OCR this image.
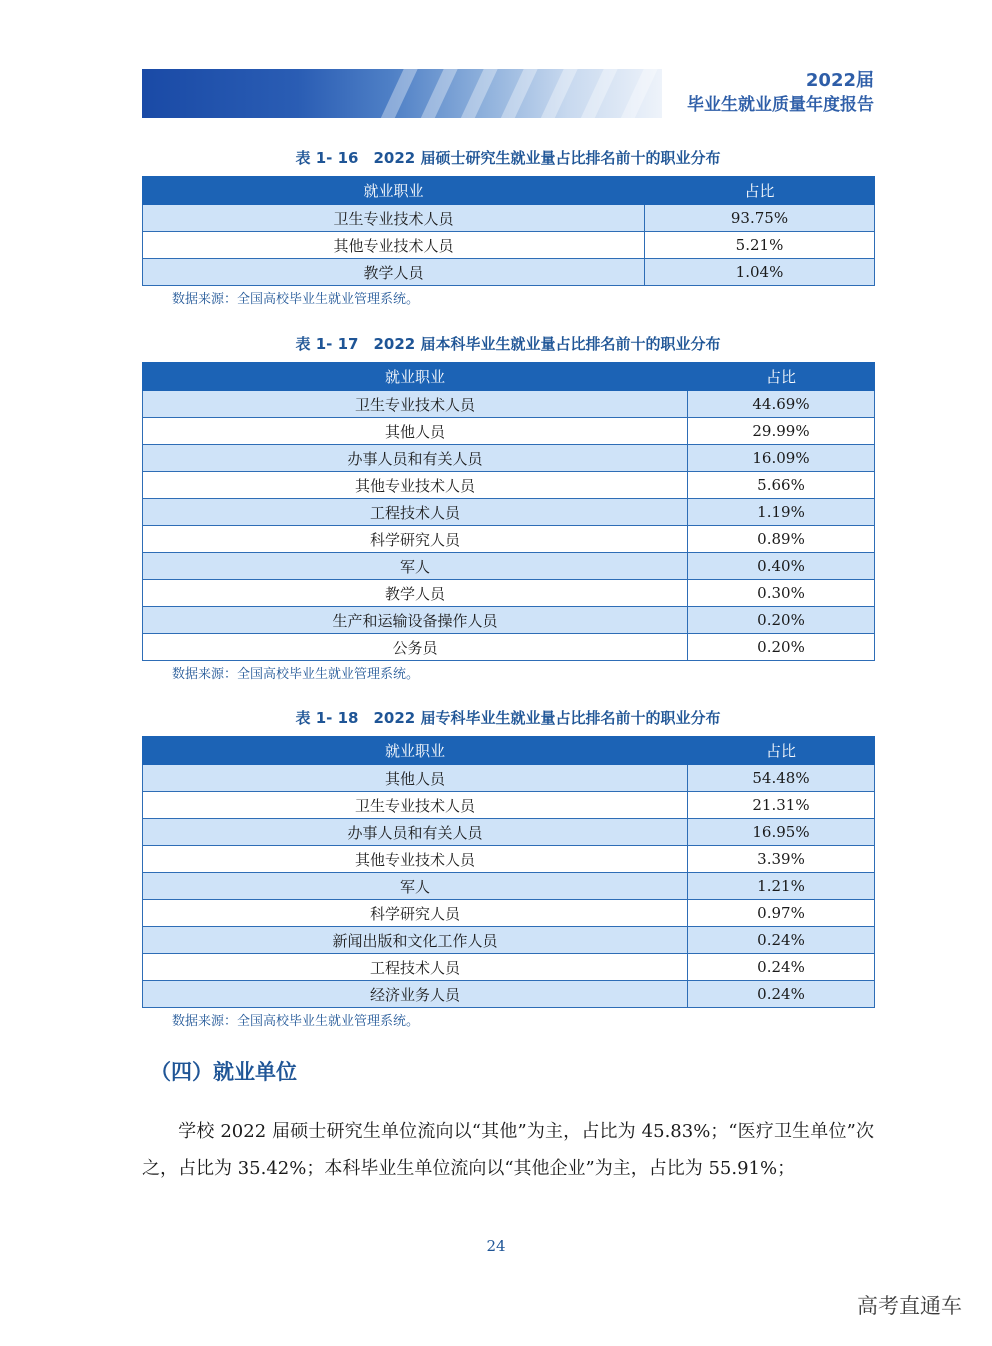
2022届
毕业生就业质量年度报告
表 1- 16　2022 届硕士研究生就业量占比排名前十的职业分布
就业职业	占比
卫生专业技术人员	93.75%
其他专业技术人员	5.21%
教学人员	1.04%
数据来源：全国高校毕业生就业管理系统。
表 1- 17　2022 届本科毕业生就业量占比排名前十的职业分布
就业职业	占比
卫生专业技术人员	44.69%
其他人员	29.99%
办事人员和有关人员	16.09%
其他专业技术人员	5.66%
工程技术人员	1.19%
科学研究人员	0.89%
军人	0.40%
教学人员	0.30%
生产和运输设备操作人员	0.20%
公务员	0.20%
数据来源：全国高校毕业生就业管理系统。
表 1- 18　2022 届专科毕业生就业量占比排名前十的职业分布
就业职业	占比
其他人员	54.48%
卫生专业技术人员	21.31%
办事人员和有关人员	16.95%
其他专业技术人员	3.39%
军人	1.21%
科学研究人员	0.97%
新闻出版和文化工作人员	0.24%
工程技术人员	0.24%
经济业务人员	0.24%
数据来源：全国高校毕业生就业管理系统。
（四）就业单位
学校 2022 届硕士研究生单位流向以“其他”为主，占比为 45.83%；“医疗卫生单位”次之，占比为 35.42%；本科毕业生单位流向以“其他企业”为主，占比为 55.91%；
24
高考直通车
